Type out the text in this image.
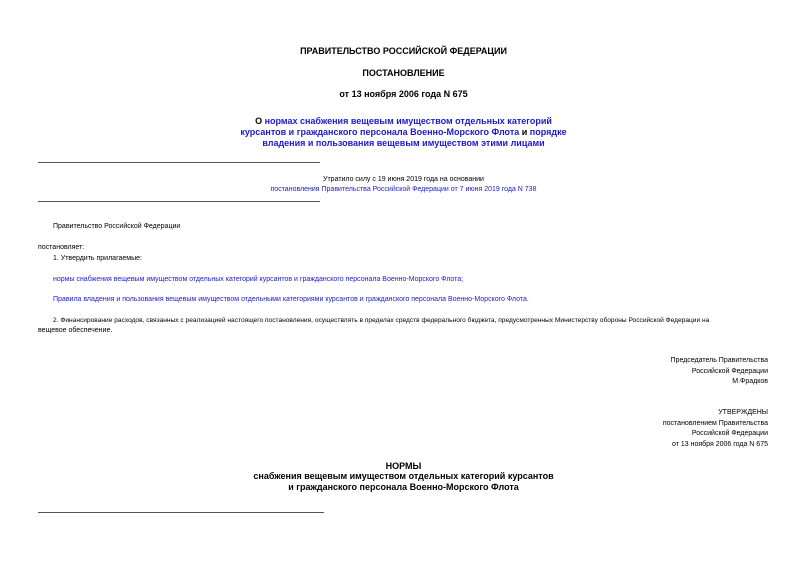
ПРАВИТЕЛЬСТВО РОССИЙСКОЙ ФЕДЕРАЦИИ
ПОСТАНОВЛЕНИЕ
от 13 ноября 2006 года N 675
О нормах снабжения вещевым имуществом отдельных категорий
курсантов и гражданского персонала Военно-Морского Флота и порядке
владения и пользования вещевым имуществом этими лицами
Утратило силу с 19 июня 2019 года на основании
постановления Правительства Российской Федерации от 7 июня 2019 года N 738
Правительство Российской Федерации
постановляет:
1. Утвердить прилагаемые:
нормы снабжения вещевым имуществом отдельных категорий курсантов и гражданского персонала Военно-Морского Флота;
Правила владения и пользования вещевым имуществом отдельными категориями курсантов и гражданского персонала Военно-Морского Флота.
2. Финансирование расходов, связанных с реализацией настоящего постановления, осуществлять в пределах средств федерального бюджета, предусмотренных Министерству обороны Российской Федерации на
вещевое обеспечение.
Председатель Правительства
Российской Федерации
М.Фрадков
УТВЕРЖДЕНЫ
постановлением Правительства
Российской Федерации
от 13 ноября 2006 года N 675
НОРМЫ
снабжения вещевым имуществом отдельных категорий курсантов
и гражданского персонала Военно-Морского Флота
